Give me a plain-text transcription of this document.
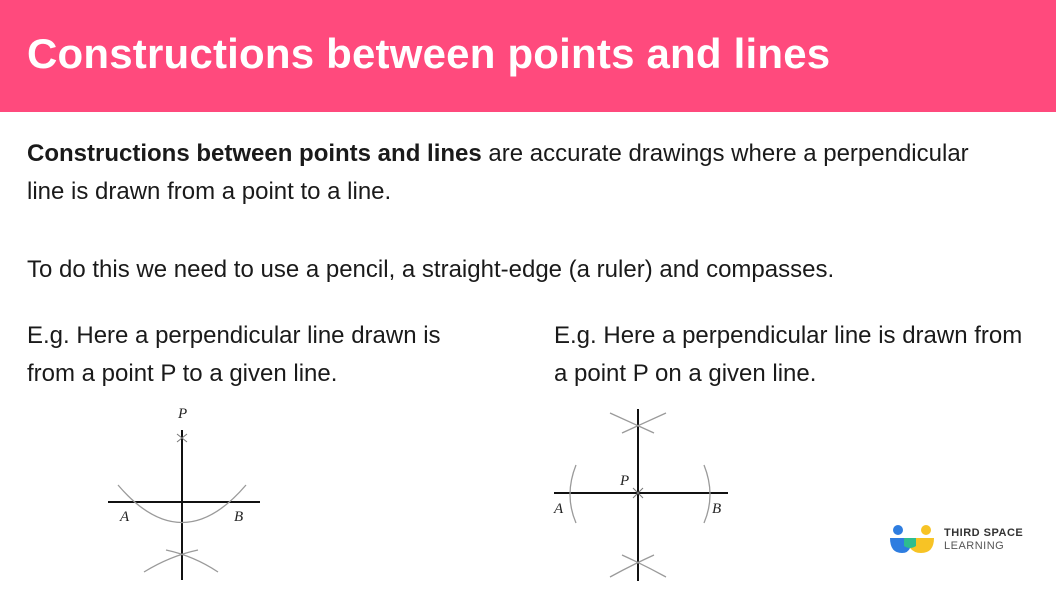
Constructions between points and lines

Constructions between points and lines are accurate drawings where a perpendicular line is drawn from a point to a line.

To do this we need to use a pencil, a straight-edge (a ruler) and compasses.

E.g. Here a perpendicular line drawn is from a point P to a given line.

E.g. Here a perpendicular line is drawn from a point P on a given line.

P
A	B
P
A	B
THIRD SPACE
LEARNING
